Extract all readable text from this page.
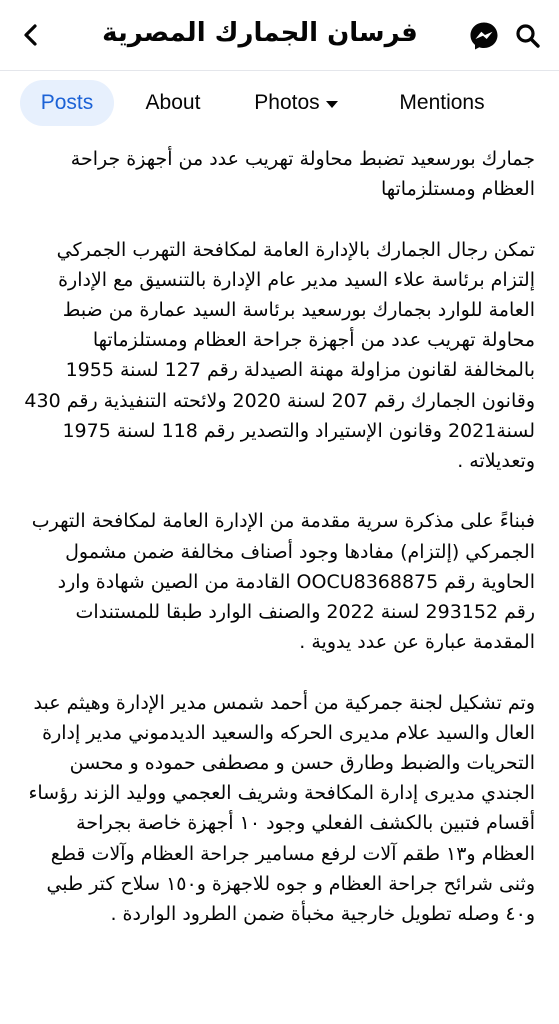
فرسان الجمارك المصرية
Posts About	Photos	Mentions

جمارك بورسعيد تضبط محاولة تهريب عدد من أجهزة جراحة العظام ومستلزماتها

تمكن رجال الجمارك بالإدارة العامة لمكافحة التهرب الجمركي إلتزام برئاسة علاء السيد مدير عام الإدارة بالتنسيق مع الإدارة العامة للوارد بجمارك بورسعيد برئاسة السيد عمارة من ضبط محاولة تهريب عدد من أجهزة جراحة العظام ومستلزماتها بالمخالفة لقانون مزاولة مهنة الصيدلة رقم 127 لسنة 1955 وقانون الجمارك رقم 207 لسنة 2020 ولائحته التنفيذية رقم 430 لسنة2021 وقانون الإستيراد والتصدير رقم 118 لسنة 1975 وتعديلاته .

فبناءً على مذكرة سرية مقدمة من الإدارة العامة لمكافحة التهرب الجمركي (إلتزام) مفادها وجود أصناف مخالفة ضمن مشمول الحاوية رقم OOCU8368875 القادمة من الصين شهادة وارد رقم 293152 لسنة 2022 والصنف الوارد طبقا للمستندات المقدمة عبارة عن عدد يدوية .

وتم تشكيل لجنة جمركية من أحمد شمس مدير الإدارة وهيثم عبد العال والسيد علام مديرى الحركه والسعيد الديدموني مدير إدارة التحريات والضبط وطارق حسن و مصطفى حموده و محسن الجندي مديرى إدارة المكافحة وشريف العجمي ووليد الزند رؤساء أقسام فتبين بالكشف الفعلي وجود ١٠ أجهزة خاصة بجراحة العظام و١٣ طقم آلات لرفع مسامير جراحة العظام وآلات قطع وثنى شرائح جراحة العظام و جوه للاجهزة و١٥٠ سلاح كتر طبي و٤٠ وصله تطويل خارجية مخبأة ضمن الطرود الواردة .
